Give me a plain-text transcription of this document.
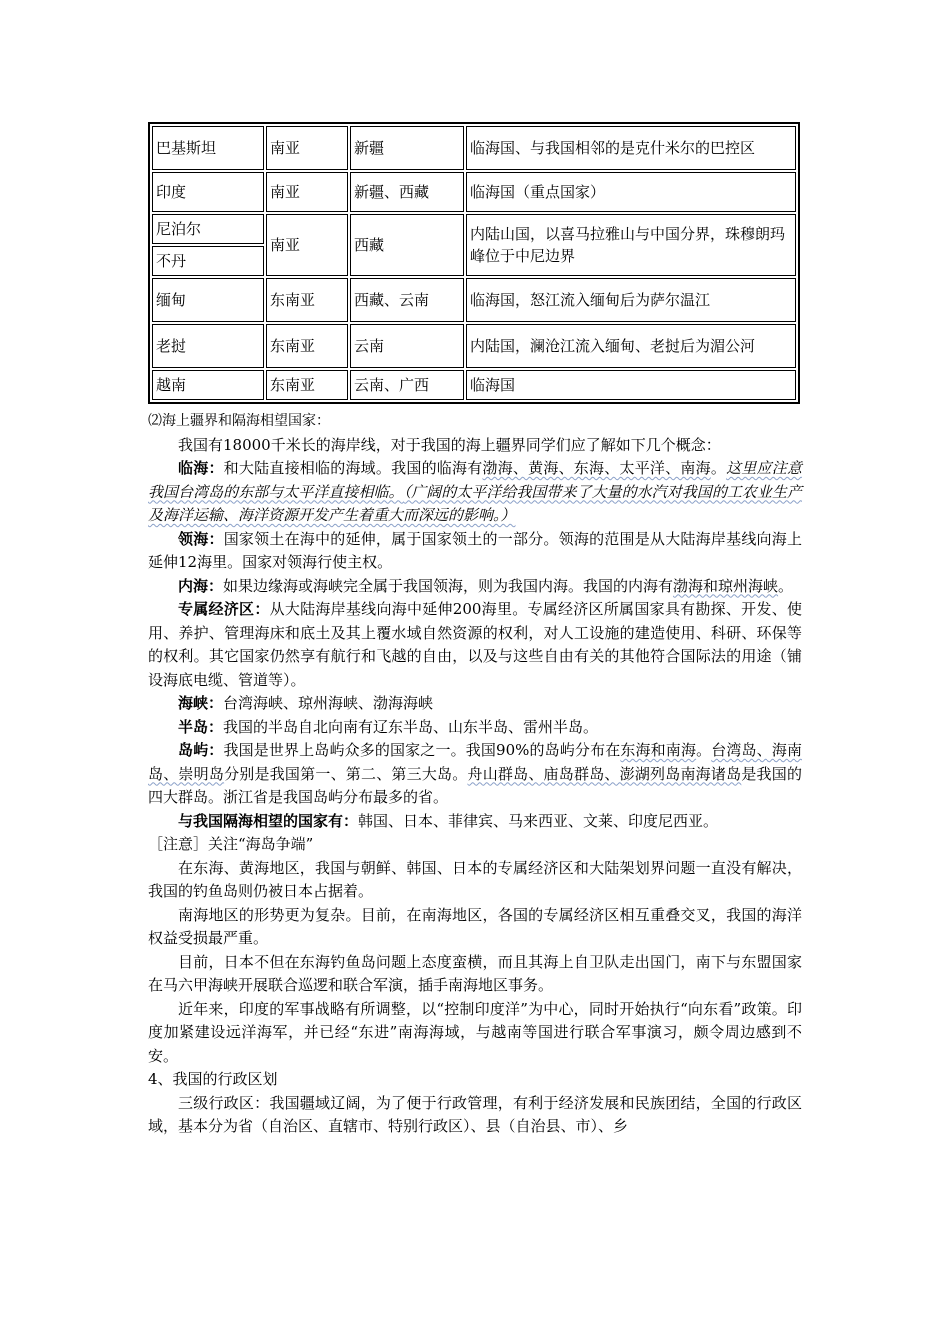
巴基斯坦	南亚	新疆	临海国、与我国相邻的是克什米尔的巴控区
印度	南亚	新疆、西藏	临海国（重点国家）
尼泊尔	南亚	西藏	内陆山国，以喜马拉雅山与中国分界，珠穆朗玛峰位于中尼边界
不丹			
缅甸	东南亚	西藏、云南	临海国，怒江流入缅甸后为萨尔温江
老挝	东南亚	云南	内陆国，澜沧江流入缅甸、老挝后为湄公河
越南	东南亚	云南、广西	临海国

⑵海上疆界和隔海相望国家：

我国有18000千米长的海岸线，对于我国的海上疆界同学们应了解如下几个概念：

临海：和大陆直接相临的海域。我国的临海有渤海、黄海、东海、太平洋、南海。这里应注意我国台湾岛的东部与太平洋直接相临。（广阔的太平洋给我国带来了大量的水汽对我国的工农业生产及海洋运输、海洋资源开发产生着重大而深远的影响。）

领海：国家领土在海中的延伸，属于国家领土的一部分。领海的范围是从大陆海岸基线向海上延伸12海里。国家对领海行使主权。

内海：如果边缘海或海峡完全属于我国领海，则为我国内海。我国的内海有渤海和琼州海峡。

专属经济区：从大陆海岸基线向海中延伸200海里。专属经济区所属国家具有勘探、开发、使用、养护、管理海床和底土及其上覆水域自然资源的权利，对人工设施的建造使用、科研、环保等的权利。其它国家仍然享有航行和飞越的自由，以及与这些自由有关的其他符合国际法的用途（铺设海底电缆、管道等）。

海峡：台湾海峡、琼州海峡、渤海海峡

半岛：我国的半岛自北向南有辽东半岛、山东半岛、雷州半岛。

岛屿：我国是世界上岛屿众多的国家之一。我国90%的岛屿分布在东海和南海。台湾岛、海南岛、崇明岛分别是我国第一、第二、第三大岛。舟山群岛、庙岛群岛、澎湖列岛南海诸岛是我国的四大群岛。浙江省是我国岛屿分布最多的省。

与我国隔海相望的国家有：韩国、日本、菲律宾、马来西亚、文莱、印度尼西亚。

［注意］关注“海岛争端”

在东海、黄海地区，我国与朝鲜、韩国、日本的专属经济区和大陆架划界问题一直没有解决，我国的钓鱼岛则仍被日本占据着。

南海地区的形势更为复杂。目前，在南海地区，各国的专属经济区相互重叠交叉，我国的海洋权益受损最严重。

目前，日本不但在东海钓鱼岛问题上态度蛮横，而且其海上自卫队走出国门，南下与东盟国家在马六甲海峡开展联合巡逻和联合军演，插手南海地区事务。

近年来，印度的军事战略有所调整，以“控制印度洋”为中心，同时开始执行“向东看”政策。印度加紧建设远洋海军，并已经“东进”南海海域，与越南等国进行联合军事演习，颇令周边感到不安。

4、我国的行政区划

三级行政区：我国疆域辽阔，为了便于行政管理，有利于经济发展和民族团结，全国的行政区域，基本分为省（自治区、直辖市、特别行政区）、县（自治县、市）、乡
